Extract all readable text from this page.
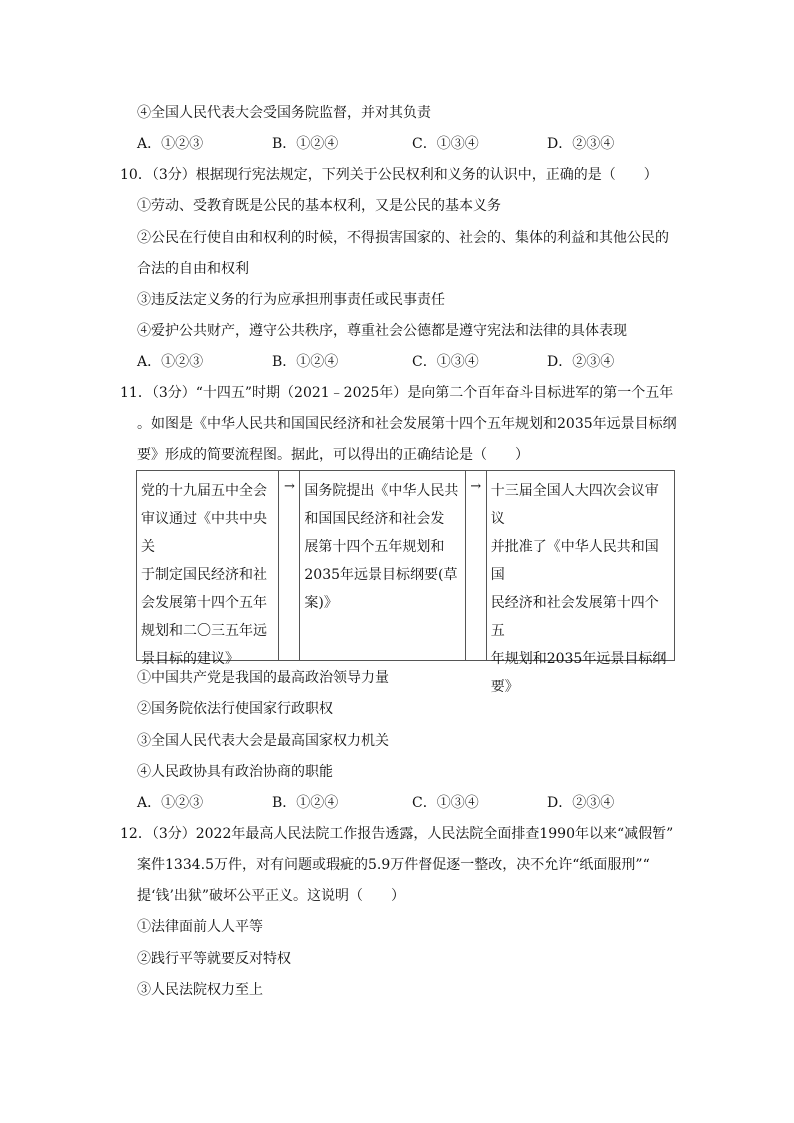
④全国人民代表大会受国务院监督，并对其负责
A．①②③	B．①②④	C．①③④	D．②③④
10．（3分）根据现行宪法规定，下列关于公民权利和义务的认识中，正确的是（　　）
①劳动、受教育既是公民的基本权利，又是公民的基本义务
②公民在行使自由和权利的时候，不得损害国家的、社会的、集体的利益和其他公民的
合法的自由和权利
③违反法定义务的行为应承担刑事责任或民事责任
④爱护公共财产，遵守公共秩序，尊重社会公德都是遵守宪法和法律的具体表现
A．①②③	B．①②④	C．①③④	D．②③④
11．（3分）“十四五”时期（2021﹣2025年）是向第二个百年奋斗目标进军的第一个五年
。如图是《中华人民共和国国民经济和社会发展第十四个五年规划和2035年远景目标纲
要》形成的简要流程图。据此，可以得出的正确结论是（　　）
党的十九届五中全会
审议通过《中共中央关
于制定国民经济和社
会发展第十四个五年
规划和二〇三五年远
景目标的建议》
→ 国务院提出《中华人民共
和国国民经济和社会发
展第十四个五年规划和
2035年远景目标纲要(草
案)》
→ 十三届全国人大四次会议审议
并批准了《中华人民共和国国
民经济和社会发展第十四个五
年规划和2035年远景目标纲要》
①中国共产党是我国的最高政治领导力量
②国务院依法行使国家行政职权
③全国人民代表大会是最高国家权力机关
④人民政协具有政治协商的职能
A．①②③	B．①②④	C．①③④	D．②③④
12．（3分）2022年最高人民法院工作报告透露，人民法院全面排查1990年以来“减假暂”
案件1334.5万件，对有问题或瑕疵的5.9万件督促逐一整改，决不允许“纸面服刑”“
提‘钱’出狱”破坏公平正义。这说明（　　）
①法律面前人人平等
②践行平等就要反对特权
③人民法院权力至上
